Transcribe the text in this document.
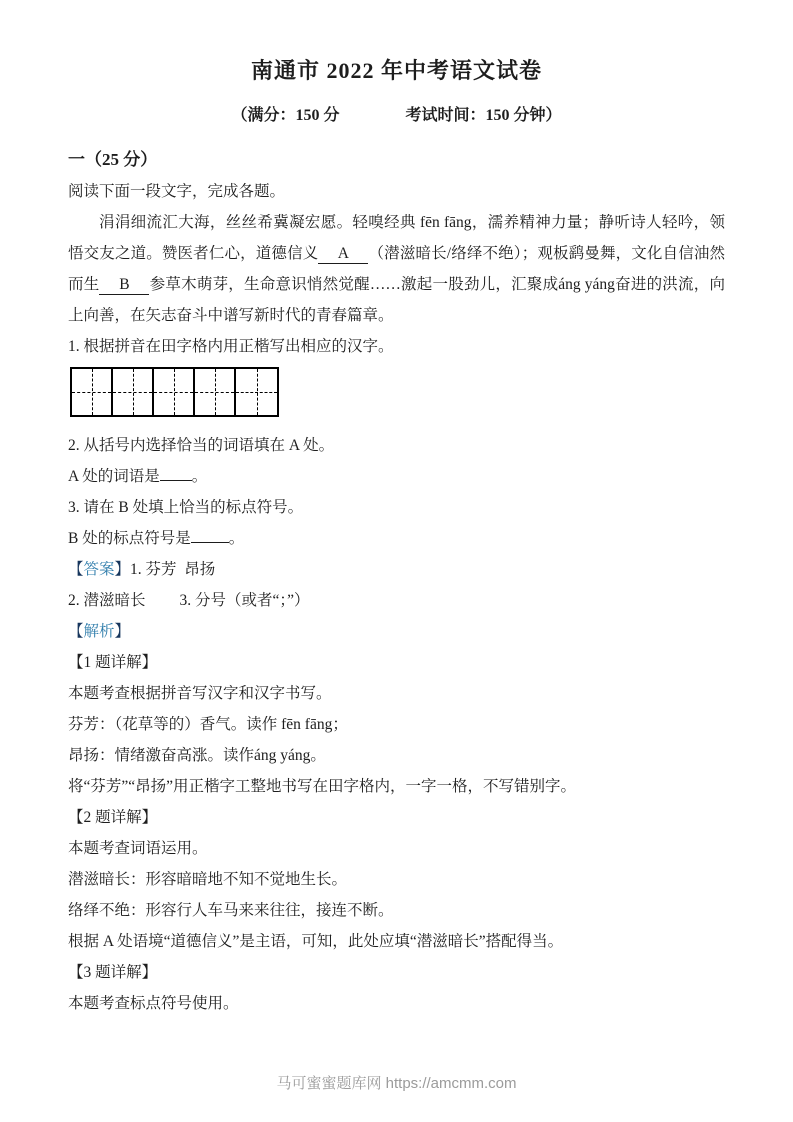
南通市 2022 年中考语文试卷
（满分：150 分	考试时间：150 分钟）

一（25 分）

阅读下面一段文字，完成各题。

涓涓细流汇大海，丝丝希冀凝宏愿。轻嗅经典 fēn fāng，濡养精神力量；静听诗人轻吟，领悟交友之道。赞医者仁心，道德信义 A （潜滋暗长/络绎不绝）；观板鹞曼舞，文化自信油然而生 B 参草木萌芽，生命意识悄然觉醒……激起一股劲儿，汇聚成áng yáng奋进的洪流，向上向善，在矢志奋斗中谱写新时代的青春篇章。

1. 根据拼音在田字格内用正楷写出相应的汉字。

2. 从括号内选择恰当的词语填在 A 处。

A 处的词语是 。

3. 请在 B 处填上恰当的标点符号。

B 处的标点符号是 。

【答案】1. 芬芳  昂扬

2. 潜滋暗长 3. 分号（或者“；”）

【解析】

【1 题详解】

本题考查根据拼音写汉字和汉字书写。

芬芳：（花草等的）香气。读作 fēn fāng；

昂扬：情绪激奋高涨。读作áng yáng。

将“芬芳”“昂扬”用正楷字工整地书写在田字格内，一字一格，不写错别字。

【2 题详解】

本题考查词语运用。

潜滋暗长：形容暗暗地不知不觉地生长。

络绎不绝：形容行人车马来来往往，接连不断。

根据 A 处语境“道德信义”是主语，可知，此处应填“潜滋暗长”搭配得当。

【3 题详解】

本题考查标点符号使用。

马可蜜蜜题库网 https://amcmm.com
